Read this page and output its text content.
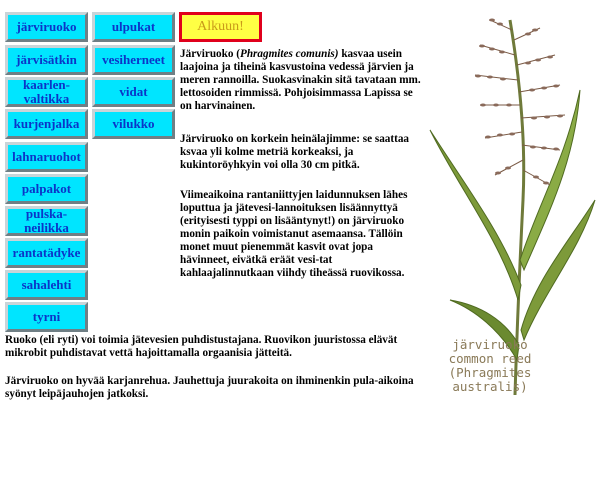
järviruoko
järvisätkin
kaarlen-
valtikka
kurjenjalka
lahnaruohot
palpakot
pulska-
neilikka
rantatädyke
sahalehti
tyrni
ulpukat
vesiherneet
vidat
vilukko
Alkuun!

Järviruoko (Phragmites comunis) kasvaa usein laajoina ja tiheinä kasvustoina vedessä järvien ja meren rannoilla. Suokasvinakin sitä tavataan mm. lettosoiden rimmissä. Pohjoisimmassa Lapissa se on harvinainen.

Järviruoko on korkein heinälajimme: se saattaa ksvaa yli kolme metriä korkeaksi, ja kukintoröyhkyin voi olla 30 cm pitkä.

Viimeaikoina rantaniittyjen laidunnuksen lähes loputtua ja jätevesi-lannoituksen lisäännyttyä (erityisesti typpi on lisääntynyt!) on järviruoko monin paikoin voimistanut asemaansa. Tällöin monet muut pienemmät kasvit ovat jopa hävinneet, eivätkä eräät vesi-tat kahlaajalinnutkaan viihdy tiheässä ruovikossa.

Ruoko (eli ryti) voi toimia jätevesien puhdistustajana. Ruovikon juuristossa elävät mikrobit puhdistavat vettä hajoittamalla orgaanisia jätteitä.

Järviruoko on hyvää karjanrehua. Jauhettuja juurakoita on ihminenkin pula-aikoina syönyt leipäjauhojen jatkoksi.

järviruoko
common reed
(Phragmites
australis)
